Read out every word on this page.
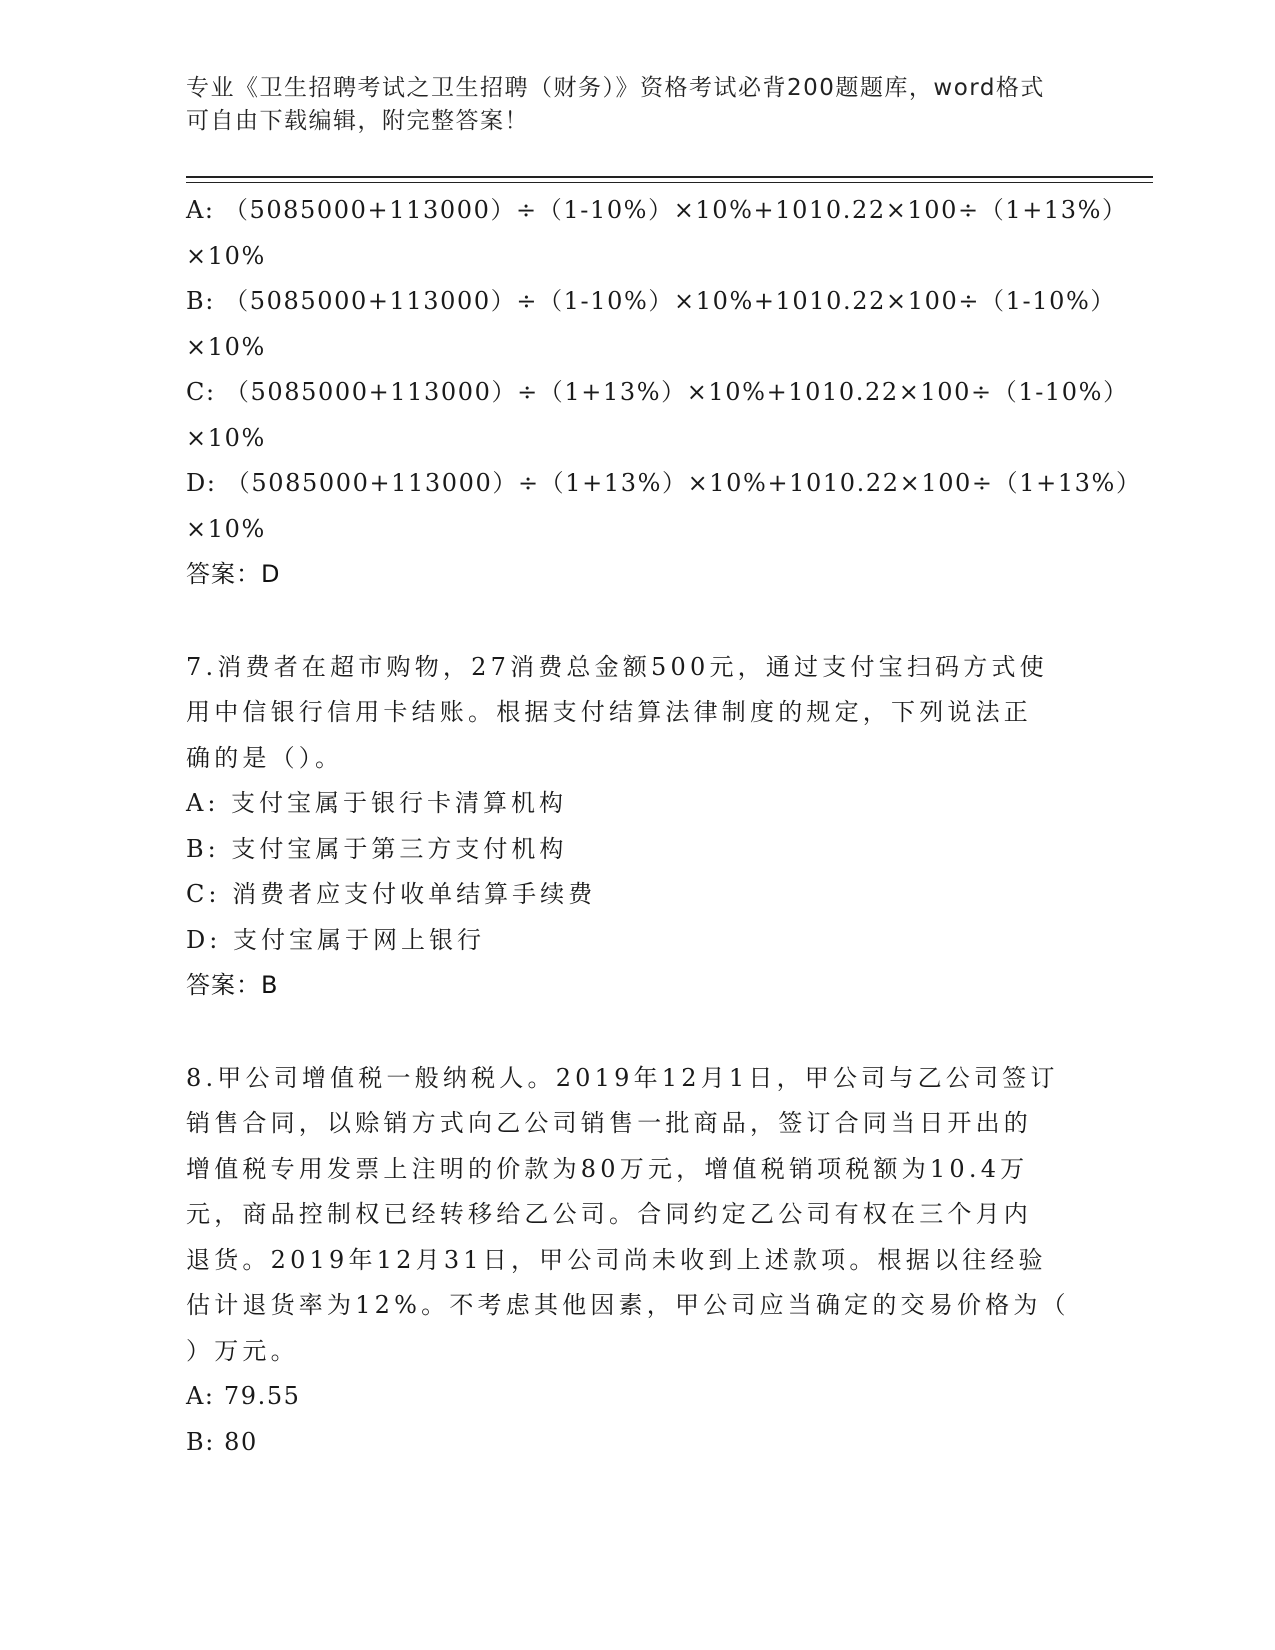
专业《卫生招聘考试之卫生招聘（财务）》资格考试必背200题题库，word格式
可自由下载编辑，附完整答案！
A: （5085000+113000）÷（1-10%）×10%+1010.22×100÷（1+13%）
×10%
B: （5085000+113000）÷（1-10%）×10%+1010.22×100÷（1-10%）
×10%
C: （5085000+113000）÷（1+13%）×10%+1010.22×100÷（1-10%）
×10%
D: （5085000+113000）÷（1+13%）×10%+1010.22×100÷（1+13%）
×10%
答案：D
7.消费者在超市购物，27消费总金额500元，通过支付宝扫码方式使
用中信银行信用卡结账。根据支付结算法律制度的规定，下列说法正
确的是（）。
A: 支付宝属于银行卡清算机构
B: 支付宝属于第三方支付机构
C: 消费者应支付收单结算手续费
D: 支付宝属于网上银行
答案：B
8.甲公司增值税一般纳税人。2019年12月1日，甲公司与乙公司签订
销售合同，以赊销方式向乙公司销售一批商品，签订合同当日开出的
增值税专用发票上注明的价款为80万元，增值税销项税额为10.4万
元，商品控制权已经转移给乙公司。合同约定乙公司有权在三个月内
退货。2019年12月31日，甲公司尚未收到上述款项。根据以往经验
估计退货率为12%。不考虑其他因素，甲公司应当确定的交易价格为（
）万元。
A: 79.55
B: 80
